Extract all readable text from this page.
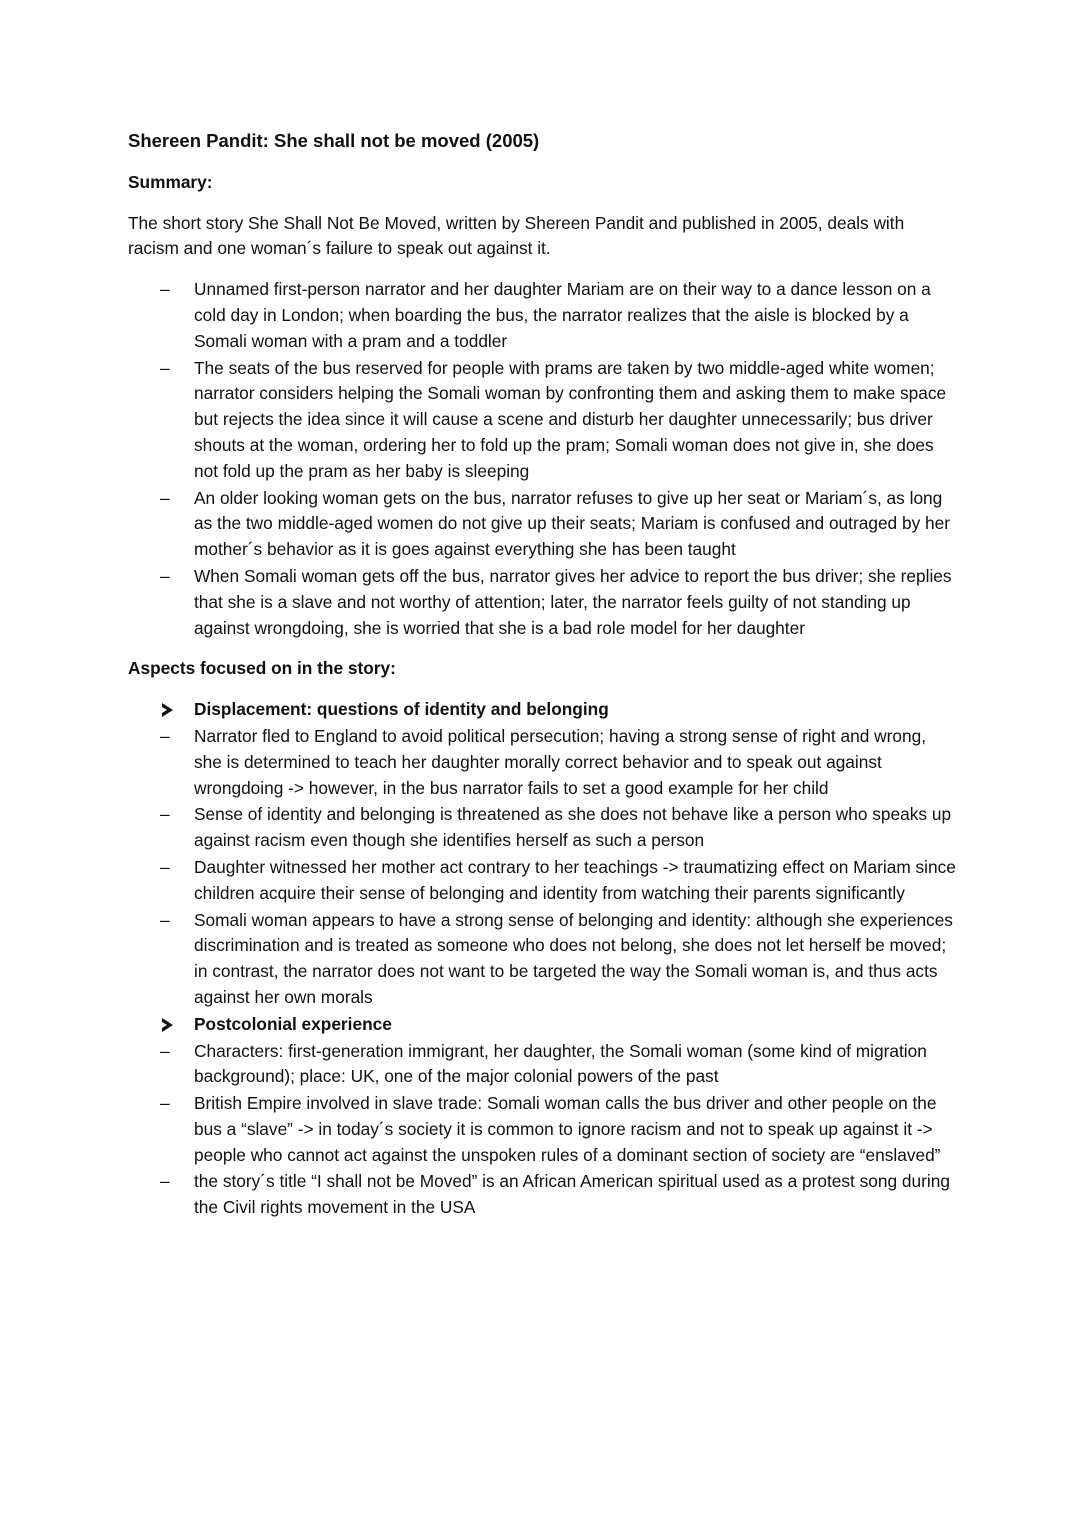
Shereen Pandit: She shall not be moved (2005)
Summary:
The short story She Shall Not Be Moved, written by Shereen Pandit and published in 2005, deals with racism and one woman´s failure to speak out against it.
–
Unnamed first-person narrator and her daughter Mariam are on their way to a dance lesson on a cold day in London; when boarding the bus, the narrator realizes that the aisle is blocked by a Somali woman with a pram and a toddler
–
The seats of the bus reserved for people with prams are taken by two middle-aged white women; narrator considers helping the Somali woman by confronting them and asking them to make space but rejects the idea since it will cause a scene and disturb her daughter unnecessarily; bus driver shouts at the woman, ordering her to fold up the pram; Somali woman does not give in, she does not fold up the pram as her baby is sleeping
–
An older looking woman gets on the bus, narrator refuses to give up her seat or Mariam´s, as long as the two middle-aged women do not give up their seats; Mariam is confused and outraged by her mother´s behavior as it is goes against everything she has been taught
–
When Somali woman gets off the bus, narrator gives her advice to report the bus driver; she replies that she is a slave and not worthy of attention; later, the narrator feels guilty of not standing up against wrongdoing, she is worried that she is a bad role model for her daughter
Aspects focused on in the story:
Displacement: questions of identity and belonging
–
Narrator fled to England to avoid political persecution; having a strong sense of right and wrong, she is determined to teach her daughter morally correct behavior and to speak out against wrongdoing -> however, in the bus narrator fails to set a good example for her child
–
Sense of identity and belonging is threatened as she does not behave like a person who speaks up against racism even though she identifies herself as such a person
–
Daughter witnessed her mother act contrary to her teachings -> traumatizing effect on Mariam since children acquire their sense of belonging and identity from watching their parents significantly
–
Somali woman appears to have a strong sense of belonging and identity: although she experiences discrimination and is treated as someone who does not belong, she does not let herself be moved; in contrast, the narrator does not want to be targeted the way the Somali woman is, and thus acts against her own morals
Postcolonial experience
–
Characters: first-generation immigrant, her daughter, the Somali woman (some kind of migration background); place: UK, one of the major colonial powers of the past
–
British Empire involved in slave trade: Somali woman calls the bus driver and other people on the bus a “slave” -> in today´s society it is common to ignore racism and not to speak up against it -> people who cannot act against the unspoken rules of a dominant section of society are “enslaved”
–
the story´s title “I shall not be Moved” is an African American spiritual used as a protest song during the Civil rights movement in the USA
